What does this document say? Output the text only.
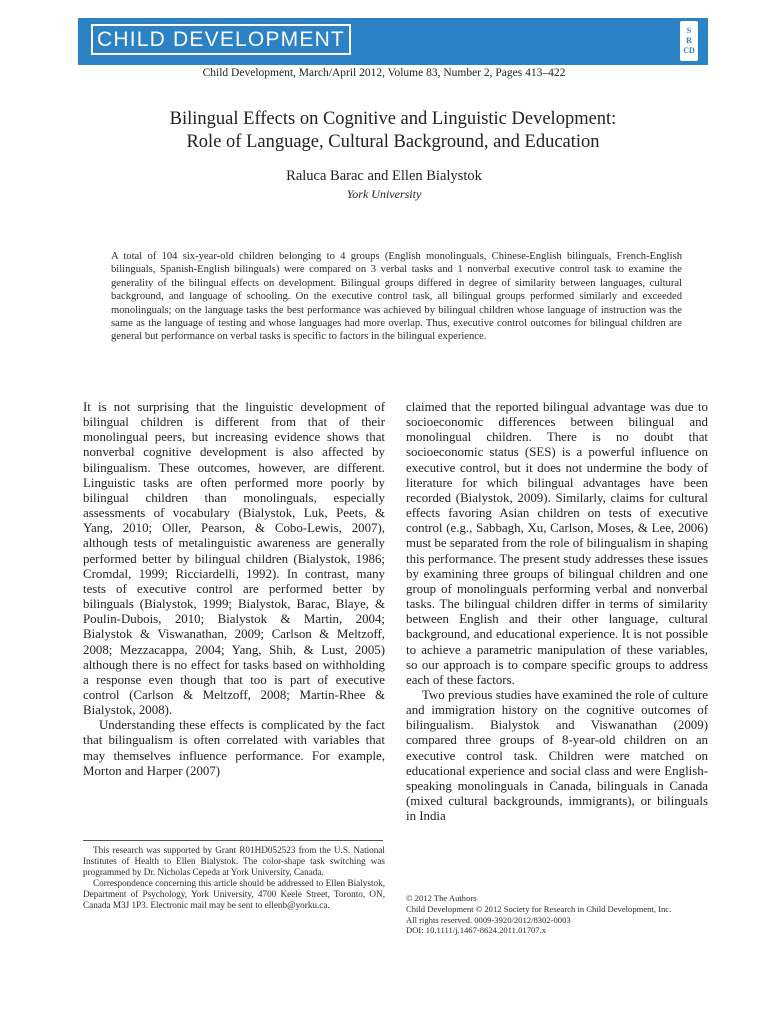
CHILD DEVELOPMENT	S
R
CD
Child Development, March/April 2012, Volume 83, Number 2, Pages 413–422
Bilingual Effects on Cognitive and Linguistic Development:
Role of Language, Cultural Background, and Education
Raluca Barac and Ellen Bialystok
York University
A total of 104 six-year-old children belonging to 4 groups (English monolinguals, Chinese-English bilinguals, French-English bilinguals, Spanish-English bilinguals) were compared on 3 verbal tasks and 1 nonverbal executive control task to examine the generality of the bilingual effects on development. Bilingual groups differed in degree of similarity between languages, cultural background, and language of schooling. On the executive control task, all bilingual groups performed similarly and exceeded monolinguals; on the language tasks the best performance was achieved by bilingual children whose language of instruction was the same as the language of testing and whose languages had more overlap. Thus, executive control outcomes for bilingual children are general but performance on verbal tasks is specific to factors in the bilingual experience.

It is not surprising that the linguistic development of bilingual children is different from that of their monolingual peers, but increasing evidence shows that nonverbal cognitive development is also affected by bilingualism. These outcomes, however, are different. Linguistic tasks are often performed more poorly by bilingual children than monolinguals, especially assessments of vocabulary (Bialystok, Luk, Peets, & Yang, 2010; Oller, Pearson, & Cobo-Lewis, 2007), although tests of metalinguistic awareness are generally performed better by bilingual children (Bialystok, 1986; Cromdal, 1999; Ricciardelli, 1992). In contrast, many tests of executive control are performed better by bilinguals (Bialystok, 1999; Bialystok, Barac, Blaye, & Poulin-Dubois, 2010; Bialystok & Martin, 2004; Bialystok & Viswanathan, 2009; Carlson & Meltzoff, 2008; Mezzacappa, 2004; Yang, Shih, & Lust, 2005) although there is no effect for tasks based on withholding a response even though that too is part of executive control (Carlson & Meltzoff, 2008; Martin-Rhee & Bialystok, 2008).

Understanding these effects is complicated by the fact that bilingualism is often correlated with variables that may themselves influence performance. For example, Morton and Harper (2007)

claimed that the reported bilingual advantage was due to socioeconomic differences between bilingual and monolingual children. There is no doubt that socioeconomic status (SES) is a powerful influence on executive control, but it does not undermine the body of literature for which bilingual advantages have been recorded (Bialystok, 2009). Similarly, claims for cultural effects favoring Asian children on tests of executive control (e.g., Sabbagh, Xu, Carlson, Moses, & Lee, 2006) must be separated from the role of bilingualism in shaping this performance. The present study addresses these issues by examining three groups of bilingual children and one group of monolinguals performing verbal and nonverbal tasks. The bilingual children differ in terms of similarity between English and their other language, cultural background, and educational experience. It is not possible to achieve a parametric manipulation of these variables, so our approach is to compare specific groups to address each of these factors.

Two previous studies have examined the role of culture and immigration history on the cognitive outcomes of bilingualism. Bialystok and Viswanathan (2009) compared three groups of 8-year-old children on an executive control task. Children were matched on educational experience and social class and were English-speaking monolinguals in Canada, bilinguals in Canada (mixed cultural backgrounds, immigrants), or bilinguals in India

This research was supported by Grant R01HD052523 from the U.S. National Institutes of Health to Ellen Bialystok. The color-shape task switching was programmed by Dr. Nicholas Cepeda at York University, Canada.

Correspondence concerning this article should be addressed to Ellen Bialystok, Department of Psychology, York University, 4700 Keele Street, Toronto, ON, Canada M3J 1P3. Electronic mail may be sent to ellenb@yorku.ca.

© 2012 The Authors
Child Development © 2012 Society for Research in Child Development, Inc.
All rights reserved. 0009-3920/2012/8302-0003
DOI: 10.1111/j.1467-8624.2011.01707.x
